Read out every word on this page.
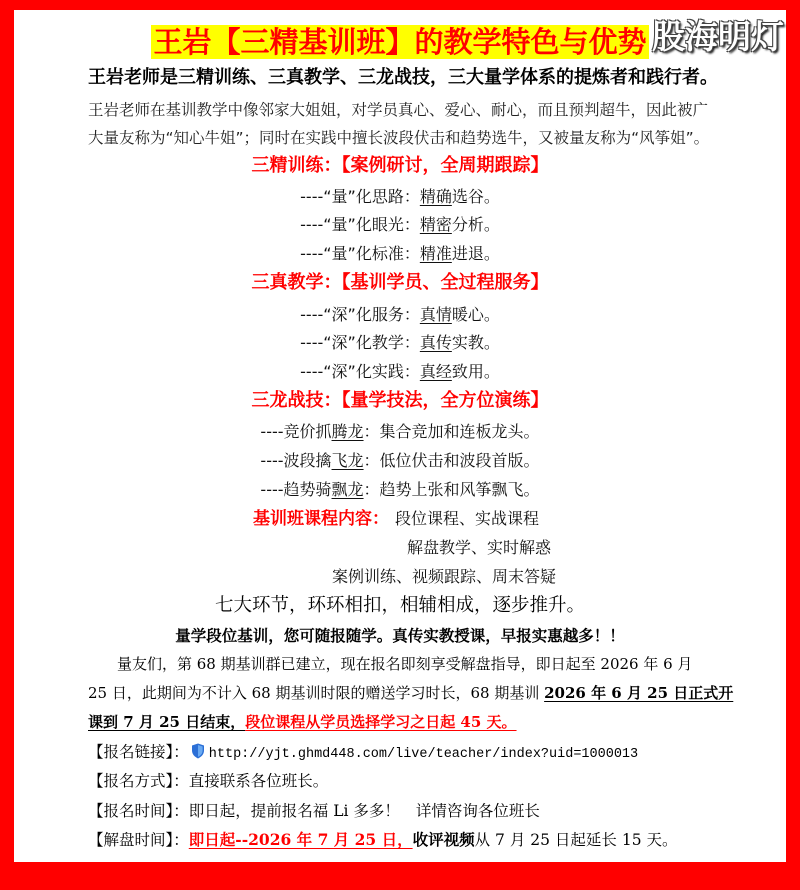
王岩【三精基训班】的教学特色与优势 股海明灯
王岩老师是三精训练、三真教学、三龙战技，三大量学体系的提炼者和践行者。
王岩老师在基训教学中像邻家大姐姐，对学员真心、爱心、耐心，而且预判超牛，因此被广
大量友称为“知心牛姐”；同时在实践中擅长波段伏击和趋势选牛，又被量友称为“风筝姐”。
三精训练：【案例研讨，全周期跟踪】
----“量”化思路：精确选谷。
----“量”化眼光：精密分析。
----“量”化标准：精准进退。
三真教学：【基训学员、全过程服务】
----“深”化服务：真情暖心。
----“深”化教学：真传实教。
----“深”化实践：真经致用。
三龙战技：【量学技法，全方位演练】
----竞价抓腾龙：集合竞加和连板龙头。
----波段擒飞龙：低位伏击和波段首版。
----趋势骑飘龙：趋势上张和风筝飘飞。
基训班课程内容： 段位课程、实战课程
解盘教学、实时解惑
案例训练、视频跟踪、周末答疑
七大环节，环环相扣，相辅相成，逐步推升。
量学段位基训，您可随报随学。真传实教授课，早报实惠越多！！
量友们，第 68 期基训群已建立，现在报名即刻享受解盘指导，即日起至 2026 年 6 月
25 日，此期间为不计入 68 期基训时限的赠送学习时长，68 期基训 2026 年 6 月 25 日正式开
课到 7 月 25 日结束，段位课程从学员选择学习之日起 45 天。
【报名链接】： http://yjt.ghmd448.com/live/teacher/index?uid=1000013
【报名方式】：直接联系各位班长。
【报名时间】：即日起，提前报名福 Li 多多！ 详情咨询各位班长
【解盘时间】：即日起--2026 年 7 月 25 日，收评视频从 7 月 25 日起延长 15 天。
